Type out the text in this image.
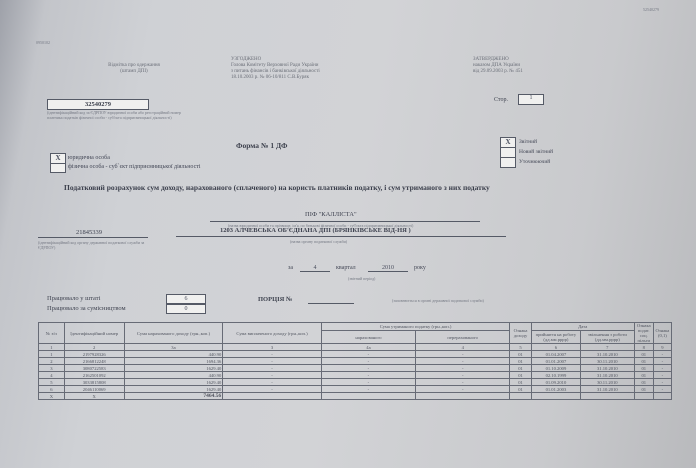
52540279
0950102
Відмітка про одержання
(штамп ДПІ)
УЗГОДЖЕНО
Голова Комітету Верховної Ради України
з питань фінансів і банківської діяльності
18.10.2003 р. № 06-10/811 С.В.Буряк
ЗАТВЕРДЖЕНО
наказом ДПА України
від 29.09.2003 р. № 451
Стор.	1
32540279
(ідентифікаційний код за ЄДРПОУ юридичної особи або реєстраційний номер платника податків фізичної особи - суб'єкта підприємницької діяльності)
Форма № 1 ДФ
X	юридична особа
фізична особа - суб`єкт підприємницької діяльності
X	Звітний
Новий звітний
Уточнюючий
Податковий розрахунок сум доходу, нарахованого (сплаченого) на користь платників податку, і сум утриманого з них податку
ПІФ "КАЛЛІСТА"
(назва юридичної особи та прізвище, ім'я, по батькові фізичної особи - суб'єкта підприємницької діяльності)
21845339
(ідентифікаційний код органу державної податкової служби за ЄДРПОУ)
1203 АЛЧЕВСЬКА ОБ'ЄДНАНА ДПІ (БРЯНКІВСЬКЕ ВІД-НЯ )
(назва органу податкової служби)
за	4	квартал	2010	року
(звітний період)
Працювало у штаті	6
Працювало за сумісництвом	0
ПОРЦІЯ №	(заповнюється в органі державної податкової служби)
№ з/п	Ідентифікаційний номер	Сума нарахованого доходу (грн.,коп.)	Сума виплаченого доходу (грн.,коп.)	Сума утриманого податку (грн.,коп.)		Ознака доходу	Дата		Ознака подат. соц. пільги	Ознака (0,1)
				нарахованого	перерахованого		прийняття на роботу (дд.мм.рррр)	звільнення з роботи (дд.мм.рррр)		
1	2	3а	3	4а	4	5	6	7	8	9
1	2197928326	440.90	-	-	-	01	01.04.2007	31.10.2010	01	-
2	2166812248	1694.36	-	-	-	01	01.01.2007	30.11.2010	01	-
3	3080722583	1629.40	-	-	-	01	01.10.2009	31.10.2010	01	-
4	2162501092	440.90	-	-	-	01	02.10.1999	31.10.2010	01	-
5	3033815808	1629.40	-	-	-	01	01.09.2010	30.11.2010	01	-
6	2046110069	1629.40	-	-	-	01	01.01.2003	31.10.2010	01	-
X	X	7464.56								
